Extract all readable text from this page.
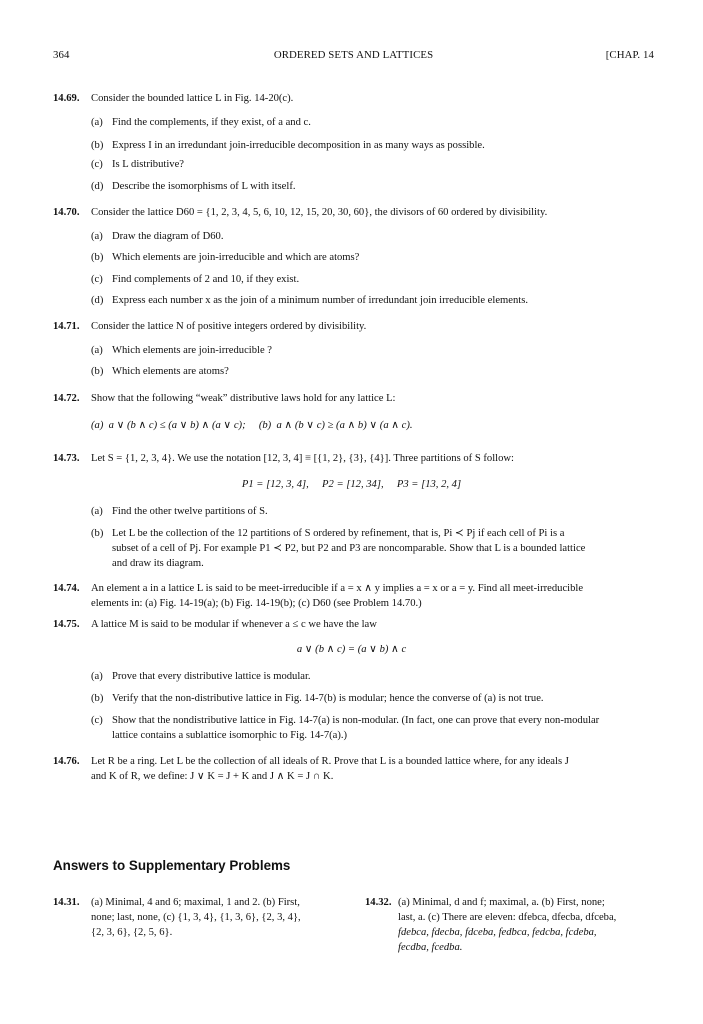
364	ORDERED SETS AND LATTICES	[CHAP. 14
14.69. Consider the bounded lattice L in Fig. 14-20(c).
(a) Find the complements, if they exist, of a and c.
(b) Express I in an irredundant join-irreducible decomposition in as many ways as possible.
(c) Is L distributive?
(d) Describe the isomorphisms of L with itself.
14.70. Consider the lattice D60 = {1, 2, 3, 4, 5, 6, 10, 12, 15, 20, 30, 60}, the divisors of 60 ordered by divisibility.
(a) Draw the diagram of D60.
(b) Which elements are join-irreducible and which are atoms?
(c) Find complements of 2 and 10, if they exist.
(d) Express each number x as the join of a minimum number of irredundant join irreducible elements.
14.71. Consider the lattice N of positive integers ordered by divisibility.
(a) Which elements are join-irreducible ?
(b) Which elements are atoms?
14.72. Show that the following “weak” distributive laws hold for any lattice L:
(a)  a ∨ (b ∧ c) ≤ (a ∨ b) ∧ (a ∨ c);     (b)  a ∧ (b ∨ c) ≥ (a ∧ b) ∨ (a ∧ c).
14.73. Let S = {1, 2, 3, 4}. We use the notation [12, 3, 4] ≡ [{1, 2}, {3}, {4}]. Three partitions of S follow:
P1 = [12, 3, 4],     P2 = [12, 34],     P3 = [13, 2, 4]
(a) Find the other twelve partitions of S.
(b) Let L be the collection of the 12 partitions of S ordered by refinement, that is, Pi ≺ Pj if each cell of Pi is a
subset of a cell of Pj. For example P1 ≺ P2, but P2 and P3 are noncomparable. Show that L is a bounded lattice
and draw its diagram.
14.74. An element a in a lattice L is said to be meet-irreducible if a = x ∧ y implies a = x or a = y. Find all meet-irreducible
elements in: (a) Fig. 14-19(a); (b) Fig. 14-19(b); (c) D60 (see Problem 14.70.)
14.75. A lattice M is said to be modular if whenever a ≤ c we have the law
a ∨ (b ∧ c) = (a ∨ b) ∧ c
(a) Prove that every distributive lattice is modular.
(b) Verify that the non-distributive lattice in Fig. 14-7(b) is modular; hence the converse of (a) is not true.
(c) Show that the nondistributive lattice in Fig. 14-7(a) is non-modular. (In fact, one can prove that every non-modular
lattice contains a sublattice isomorphic to Fig. 14-7(a).)
14.76. Let R be a ring. Let L be the collection of all ideals of R. Prove that L is a bounded lattice where, for any ideals J
and K of R, we define: J ∨ K = J + K and J ∧ K = J ∩ K.
Answers to Supplementary Problems
14.31. (a) Minimal, 4 and 6; maximal, 1 and 2. (b) First,
none; last, none, (c) {1, 3, 4}, {1, 3, 6}, {2, 3, 4},
{2, 3, 6}, {2, 5, 6}.
14.32. (a) Minimal, d and f; maximal, a. (b) First, none;
last, a. (c) There are eleven: dfebca, dfecba, dfceba,
fdebca, fdecba, fdceba, fedbca, fedcba, fcdeba,
fecdba, fcedba.
